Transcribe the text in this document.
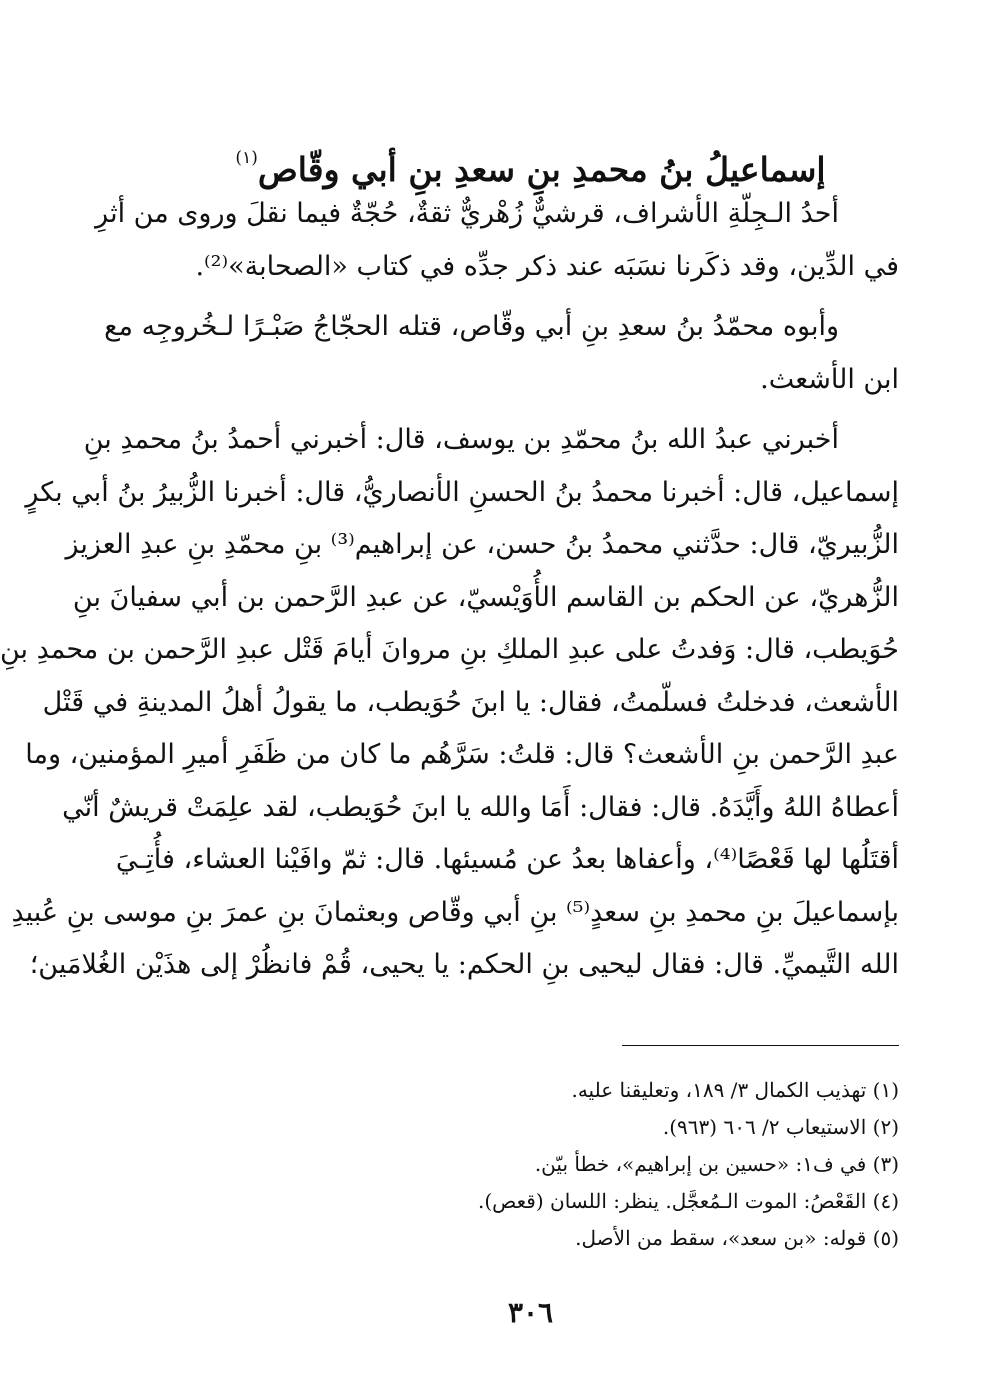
إسماعيلُ بنُ محمدِ بنِ سعدِ بنِ أبي وقّاص$^{(١)}$

أحدُ الـجِلّةِ الأشراف، قرشيٌّ زُهْريٌّ ثقةٌ، حُجّةٌ فيما نقلَ وروى من أثرِ
في الدِّين، وقد ذكَرنا نسَبَه عند ذكر جدِّه في كتاب «الصحابة»⁽²⁾.

وأبوه محمّدُ بنُ سعدِ بنِ أبي وقّاص، قتله الحجّاجُ صَبْـرًا لـخُروجِه مع
ابن الأشعث.

أخبرني عبدُ الله بنُ محمّدِ بن يوسف، قال: أخبرني أحمدُ بنُ محمدِ بنِ
إسماعيل، قال: أخبرنا محمدُ بنُ الحسنِ الأنصاريُّ، قال: أخبرنا الزُّبيرُ بنُ أبي بكرٍ
الزُّبيريّ، قال: حدَّثني محمدُ بنُ حسن، عن إبراهيم⁽³⁾ بنِ محمّدِ بنِ عبدِ العزيز
الزُّهريّ، عن الحكم بن القاسم الأُوَيْسيّ، عن عبدِ الرَّحمن بن أبي سفيانَ بنِ
حُوَيطب، قال: وَفدتُ على عبدِ الملكِ بنِ مروانَ أيامَ قَتْل عبدِ الرَّحمن بن محمدِ بنِ
الأشعث، فدخلتُ فسلّمتُ، فقال: يا ابنَ حُوَيطب، ما يقولُ أهلُ المدينةِ في قَتْل
عبدِ الرَّحمن بنِ الأشعث؟ قال: قلتُ: سَرَّهُم ما كان من ظَفَرِ أميرِ المؤمنين، وما
أعطاهُ اللهُ وأَيَّدَهُ. قال: فقال: أَمَا والله يا ابنَ حُوَيطب، لقد علِمَتْ قريشٌ أنّي
أقتَلُها لها قَعْصًا⁽⁴⁾، وأعفاها بعدُ عن مُسيئها. قال: ثمّ وافَيْنا العشاء، فأُتِـيَ
بإسماعيلَ بنِ محمدِ بنِ سعدٍ⁽⁵⁾ بنِ أبي وقّاص وبعثمانَ بنِ عمرَ بنِ موسى بنِ عُبيدِ
الله التَّيميِّ. قال: فقال ليحيى بنِ الحكم: يا يحيى، قُمْ فانظُرْ إلى هذَيْن الغُلامَين؛

(١) تهذيب الكمال ٣/ ١٨٩، وتعليقنا عليه.
(٢) الاستيعاب ٢/ ٦٠٦ (٩٦٣).
(٣) في ف١: «حسين بن إبراهيم»، خطأ بيّن.
(٤) القَعْصُ: الموت الـمُعجَّل. ينظر: اللسان (قعص).
(٥) قوله: «بن سعد»، سقط من الأصل.
٣٠٦
